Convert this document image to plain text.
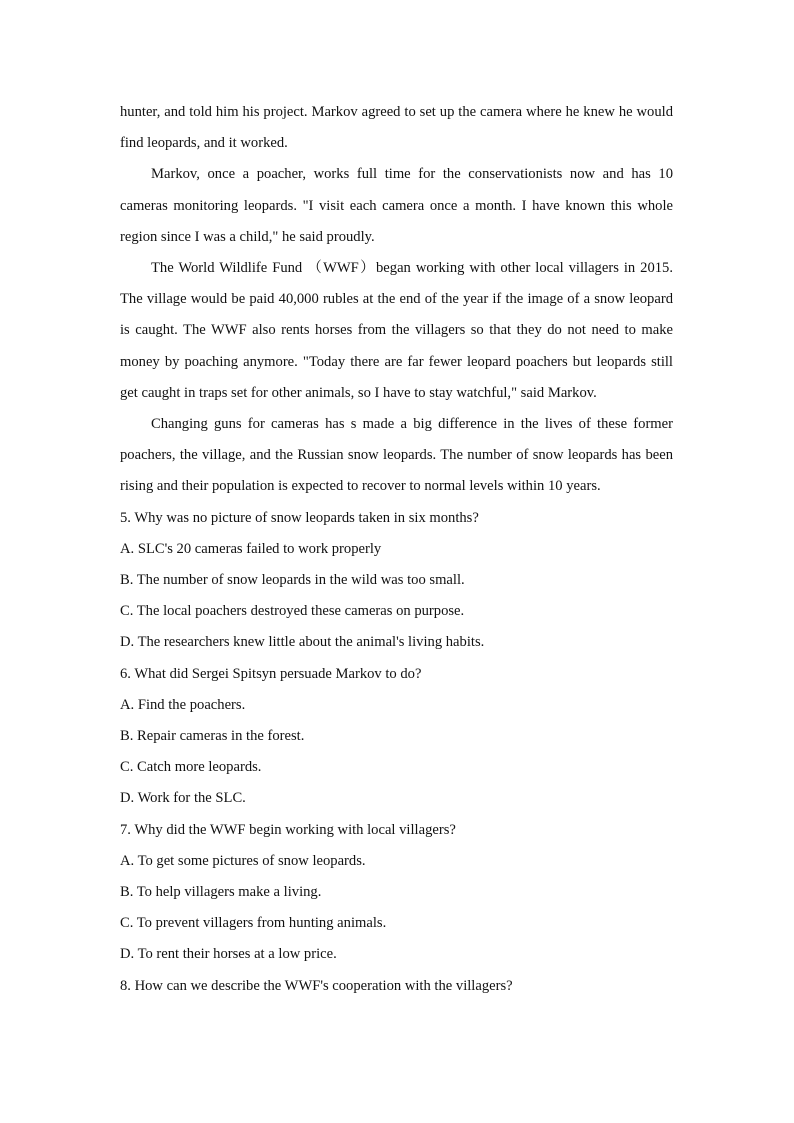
hunter, and told him his project. Markov agreed to set up the camera where he knew he would find leopards, and it worked.

Markov, once a poacher, works full time for the conservationists now and has 10 cameras monitoring leopards. "I visit each camera once a month. I have known this whole region since I was a child," he said proudly.

The World Wildlife Fund （WWF）began working with other local villagers in 2015. The village would be paid 40,000 rubles at the end of the year if the image of a snow leopard is caught. The WWF also rents horses from the villagers so that they do not need to make money by poaching anymore. "Today there are far fewer leopard poachers but leopards still get caught in traps set for other animals, so I have to stay watchful," said Markov.

Changing guns for cameras has s made a big difference in the lives of these former poachers, the village, and the Russian snow leopards. The number of snow leopards has been rising and their population is expected to recover to normal levels within 10 years.

5. Why was no picture of snow leopards taken in six months?

A. SLC's 20 cameras failed to work properly

B. The number of snow leopards in the wild was too small.

C. The local poachers destroyed these cameras on purpose.

D. The researchers knew little about the animal's living habits.

6. What did Sergei Spitsyn persuade Markov to do?

A. Find the poachers.

B. Repair cameras in the forest.

C. Catch more leopards.

D. Work for the SLC.

7. Why did the WWF begin working with local villagers?

A. To get some pictures of snow leopards.

B. To help villagers make a living.

C. To prevent villagers from hunting animals.

D. To rent their horses at a low price.

8. How can we describe the WWF's cooperation with the villagers?
